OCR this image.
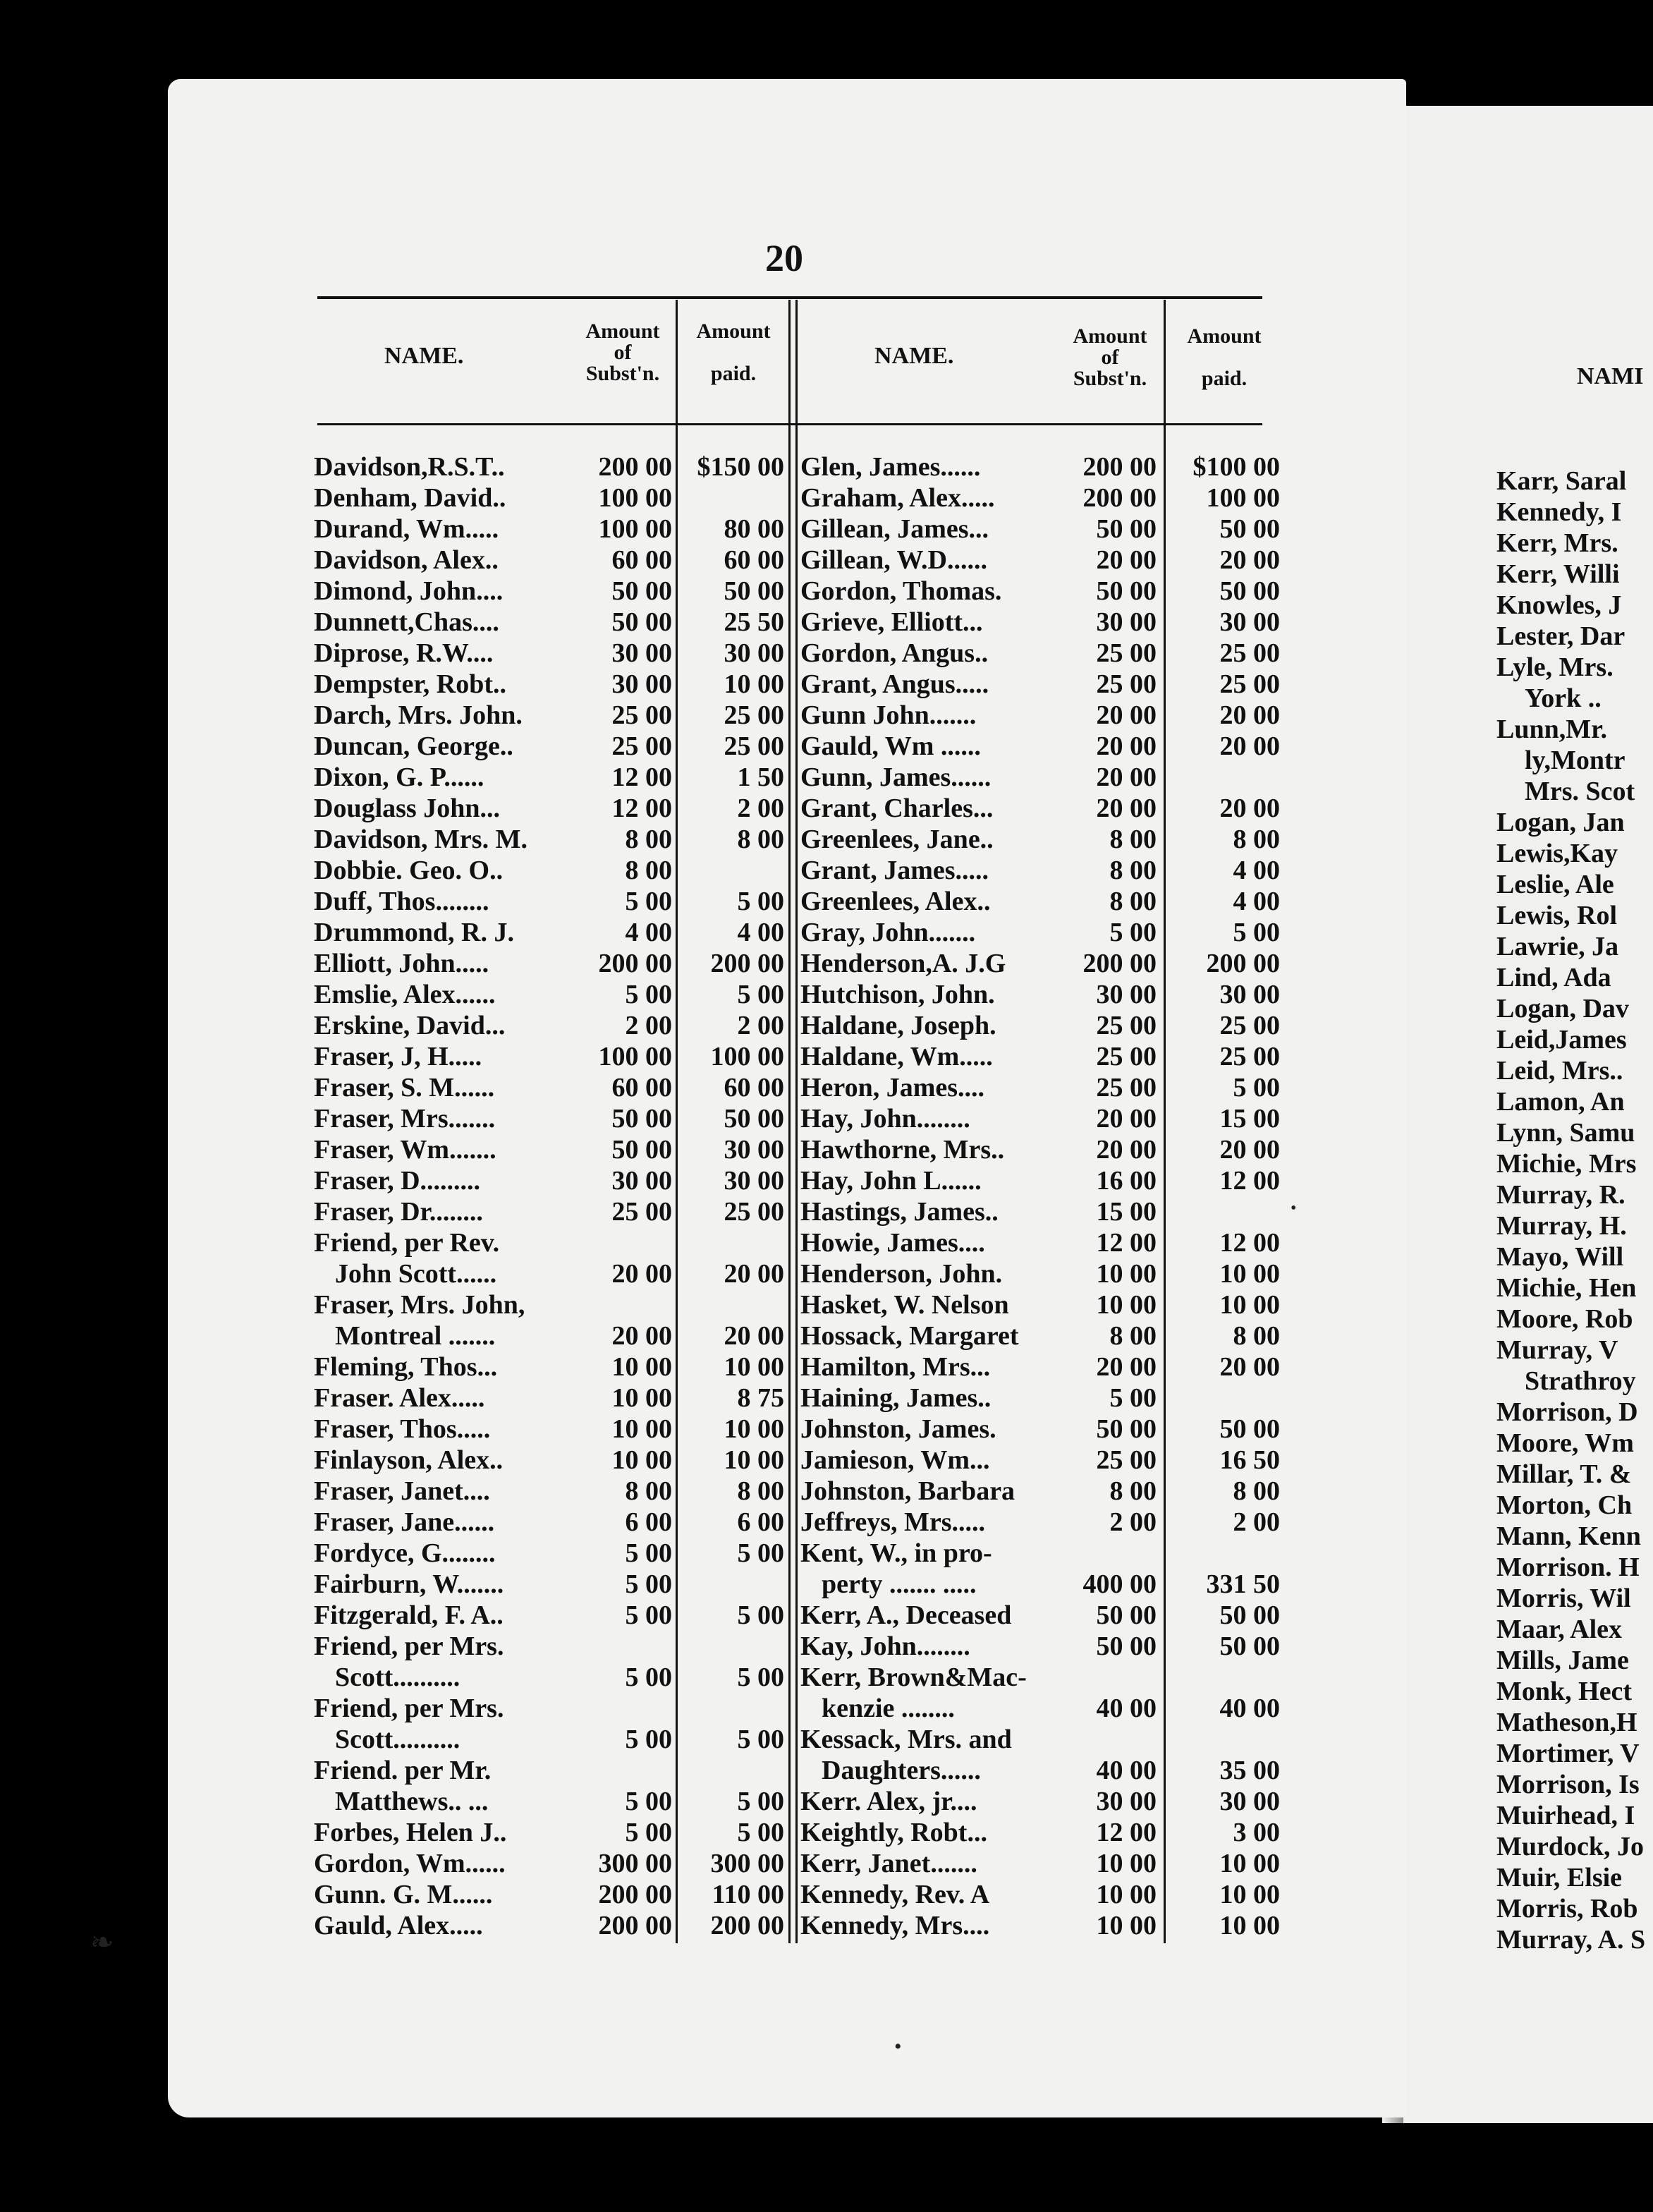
20
NAME.
Amount
of
Subst'n.
Amount

paid.
NAME.
Amount
of
Subst'n.
Amount

paid.
Davidson,R.S.T..	200 00 $150 00
Denham, David..	100 00
Durand, Wm.....	100 00	80 00
Davidson, Alex..	60 00	60 00
Dimond, John....	50 00	50 00
Dunnett,Chas....	50 00	25 50
Diprose, R.W....	30 00	30 00
Dempster, Robt..	30 00	10 00
Darch, Mrs. John.	25 00	25 00
Duncan, George..	25 00	25 00
Dixon, G. P......	12 00	1 50
Douglass John...	12 00	2 00
Davidson, Mrs. M.	8 00	8 00
Dobbie. Geo. O..	8 00
Duff, Thos........	5 00	5 00
Drummond, R. J.	4 00	4 00
Elliott, John.....	200 00	200 00
Emslie, Alex......	5 00	5 00
Erskine, David...	2 00	2 00
Fraser, J, H.....	100 00	100 00
Fraser, S. M......	60 00	60 00
Fraser, Mrs.......	50 00	50 00
Fraser, Wm.......	50 00	30 00
Fraser, D.........	30 00	30 00
Fraser, Dr........	25 00	25 00
Friend, per Rev.
John Scott......	20 00	20 00
Fraser, Mrs. John,
Montreal .......	20 00	20 00
Fleming, Thos...	10 00	10 00
Fraser. Alex.....	10 00	8 75
Fraser, Thos.....	10 00	10 00
Finlayson, Alex..	10 00	10 00
Fraser, Janet....	8 00	8 00
Fraser, Jane......	6 00	6 00
Fordyce, G........	5 00	5 00
Fairburn, W.......	5 00
Fitzgerald, F. A..	5 00	5 00
Friend, per Mrs.
Scott..........	5 00	5 00
Friend, per Mrs.
Scott..........	5 00	5 00
Friend. per Mr.
Matthews.. ...	5 00	5 00
Forbes, Helen J..	5 00	5 00
Gordon, Wm......	300 00	300 00
Gunn. G. M......	200 00	110 00
Gauld, Alex.....	200 00	200 00
Glen, James......	200 00	$100 00
Graham, Alex.....	200 00	100 00
Gillean, James...	50 00	50 00
Gillean, W.D......	20 00	20 00
Gordon, Thomas.	50 00	50 00
Grieve, Elliott...	30 00	30 00
Gordon, Angus..	25 00	25 00
Grant, Angus.....	25 00	25 00
Gunn John.......	20 00	20 00
Gauld, Wm ......	20 00	20 00
Gunn, James......	20 00
Grant, Charles...	20 00	20 00
Greenlees, Jane..	8 00	8 00
Grant, James.....	8 00	4 00
Greenlees, Alex..	8 00	4 00
Gray, John.......	5 00	5 00
Henderson,A. J.G	200 00	200 00
Hutchison, John.	30 00	30 00
Haldane, Joseph.	25 00	25 00
Haldane, Wm.....	25 00	25 00
Heron, James....	25 00	5 00
Hay, John........	20 00	15 00
Hawthorne, Mrs..	20 00	20 00
Hay, John L......	16 00	12 00
Hastings, James..	15 00
Howie, James....	12 00	12 00
Henderson, John.	10 00	10 00
Hasket, W. Nelson	10 00	10 00
Hossack, Margaret	8 00	8 00
Hamilton, Mrs...	20 00	20 00
Haining, James..	5 00
Johnston, James.	50 00	50 00
Jamieson, Wm...	25 00	16 50
Johnston, Barbara	8 00	8 00
Jeffreys, Mrs.....	2 00	2 00
Kent, W., in pro-
perty ....... .....	400 00	331 50
Kerr, A., Deceased	50 00	50 00
Kay, John........	50 00	50 00
Kerr, Brown&Mac-
kenzie ........	40 00	40 00
Kessack, Mrs. and
Daughters......	40 00	35 00
Kerr. Alex, jr....	30 00	30 00
Keightly, Robt...	12 00	3 00
Kerr, Janet.......	10 00	10 00
Kennedy, Rev. A	10 00	10 00
Kennedy, Mrs....	10 00	10 00
NAMI
Karr, Saral
Kennedy, I
Kerr, Mrs.
Kerr, Willi
Knowles, J
Lester, Dar
Lyle, Mrs.
York ..
Lunn,Mr.
ly,Montr
Mrs. Scot
Logan, Jan
Lewis,Kay
Leslie, Ale
Lewis, Rol
Lawrie, Ja
Lind, Ada
Logan, Dav
Leid,James
Leid, Mrs..
Lamon, An
Lynn, Samu
Michie, Mrs
Murray, R.
Murray, H.
Mayo, Will
Michie, Hen
Moore, Rob
Murray, V
Strathroy
Morrison, D
Moore, Wm
Millar, T. &
Morton, Ch
Mann, Kenn
Morrison. H
Morris, Wil
Maar, Alex
Mills, Jame
Monk, Hect
Matheson,H
Mortimer, V
Morrison, Is
Muirhead, I
Murdock, Jo
Muir, Elsie
Morris, Rob
Murray, A. S
❧
•
•
